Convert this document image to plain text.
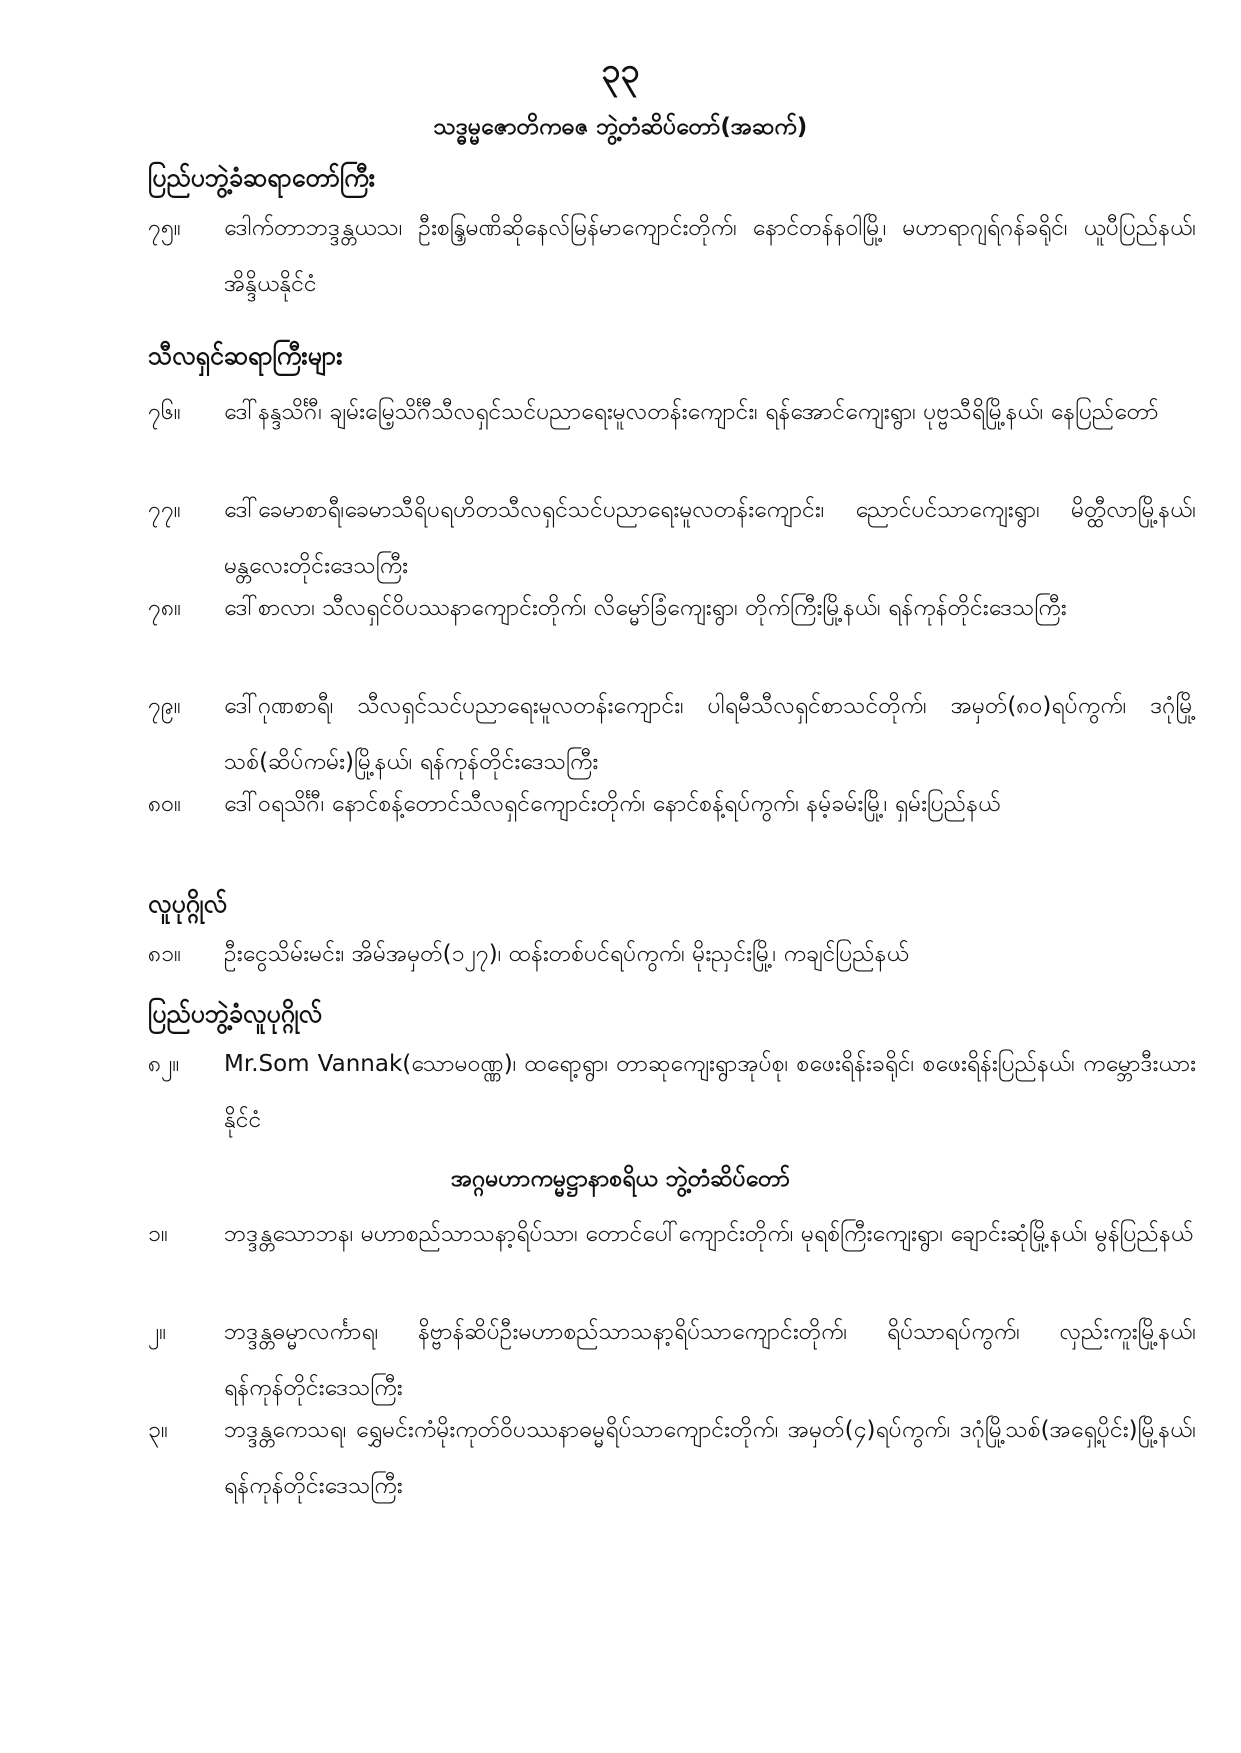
၃၃
သဒ္ဓမ္မဇောတိကဓဇ ဘွဲ့တံဆိပ်တော်(အဆက်)
ပြည်ပဘွဲ့ခံဆရာတော်ကြီး
၇၅။	ဒေါက်တာဘဒ္ဒန္တယသ၊ ဦးစန္ဒြမဏိဆိုနေလ်မြန်မာကျောင်းတိုက်၊ နောင်တန်နဝါမြို့၊ မဟာရာဂျရ်ဂန်ခရိုင်၊ ယူပီပြည်နယ်၊ အိန္ဒိယနိုင်ငံ
သီလရှင်ဆရာကြီးများ
၇၆။	ဒေါ်နန္ဒသိင်္ဂီ၊ ချမ်းမြေ့သိင်္ဂီသီလရှင်သင်ပညာရေးမူလတန်းကျောင်း၊ ရန်အောင်ကျေးရွာ၊ ပုဗ္ဗသီရိမြို့နယ်၊ နေပြည်တော်
၇၇။	ဒေါ်ခေမာစာရီ၊ခေမာသီရိပရဟိတသီလရှင်သင်ပညာရေးမူလတန်းကျောင်း၊ ညောင်ပင်သာကျေးရွာ၊ မိတ္ထီလာမြို့နယ်၊ မန္တလေးတိုင်းဒေသကြီး
၇၈။	ဒေါ်စာလာ၊ သီလရှင်ဝိပဿနာကျောင်းတိုက်၊ လိမ္မော်ခြံကျေးရွာ၊ တိုက်ကြီးမြို့နယ်၊ ရန်ကုန်တိုင်းဒေသကြီး
၇၉။	ဒေါ်ဂုဏစာရီ၊ သီလရှင်သင်ပညာရေးမူလတန်းကျောင်း၊ ပါရမီသီလရှင်စာသင်တိုက်၊ အမှတ်(၈၀)ရပ်ကွက်၊ ဒဂုံမြို့သစ်(ဆိပ်ကမ်း)မြို့နယ်၊ ရန်ကုန်တိုင်းဒေသကြီး
၈၀။	ဒေါ်ဝရသိင်္ဂီ၊ နောင်စန့်တောင်သီလရှင်ကျောင်းတိုက်၊ နောင်စန့်ရပ်ကွက်၊ နမ့်ခမ်းမြို့၊ ရှမ်းပြည်နယ်
လူပုဂ္ဂိုလ်
၈၁။	ဦးငွေသိမ်းမင်း၊ အိမ်အမှတ်(၁၂၇)၊ ထန်းတစ်ပင်ရပ်ကွက်၊ မိုးညှင်းမြို့၊ ကချင်ပြည်နယ်
ပြည်ပဘွဲ့ခံလူပုဂ္ဂိုလ်
၈၂။	Mr.Som Vannak(သောမဝဏ္ဏ)၊ ထရော့ရွာ၊ တာဆုကျေးရွာအုပ်စု၊ စဖေးရိန်းခရိုင်၊ စဖေးရိန်းပြည်နယ်၊ ကမ္ဘောဒီးယားနိုင်ငံ
အဂ္ဂမဟာကမ္မဋ္ဌာနာစရိယ ဘွဲ့တံဆိပ်တော်
၁။	ဘဒ္ဒန္တသောဘန၊ မဟာစည်သာသနာ့ရိပ်သာ၊ တောင်ပေါ်ကျောင်းတိုက်၊ မုရစ်ကြီးကျေးရွာ၊ ချောင်းဆုံမြို့နယ်၊ မွန်ပြည်နယ်
၂။	ဘဒ္ဒန္တဓမ္မာလင်္ကာရ၊ နိဗ္ဗာန်ဆိပ်ဦးမဟာစည်သာသနာ့ရိပ်သာကျောင်းတိုက်၊ ရိပ်သာရပ်ကွက်၊ လှည်းကူးမြို့နယ်၊ ရန်ကုန်တိုင်းဒေသကြီး
၃။	ဘဒ္ဒန္တကေသရ၊ ရွှေမင်းကံမိုးကုတ်ဝိပဿနာဓမ္မရိပ်သာကျောင်းတိုက်၊ အမှတ်(၄)ရပ်ကွက်၊ ဒဂုံမြို့သစ်(အရှေ့ပိုင်း)မြို့နယ်၊ ရန်ကုန်တိုင်းဒေသကြီး
